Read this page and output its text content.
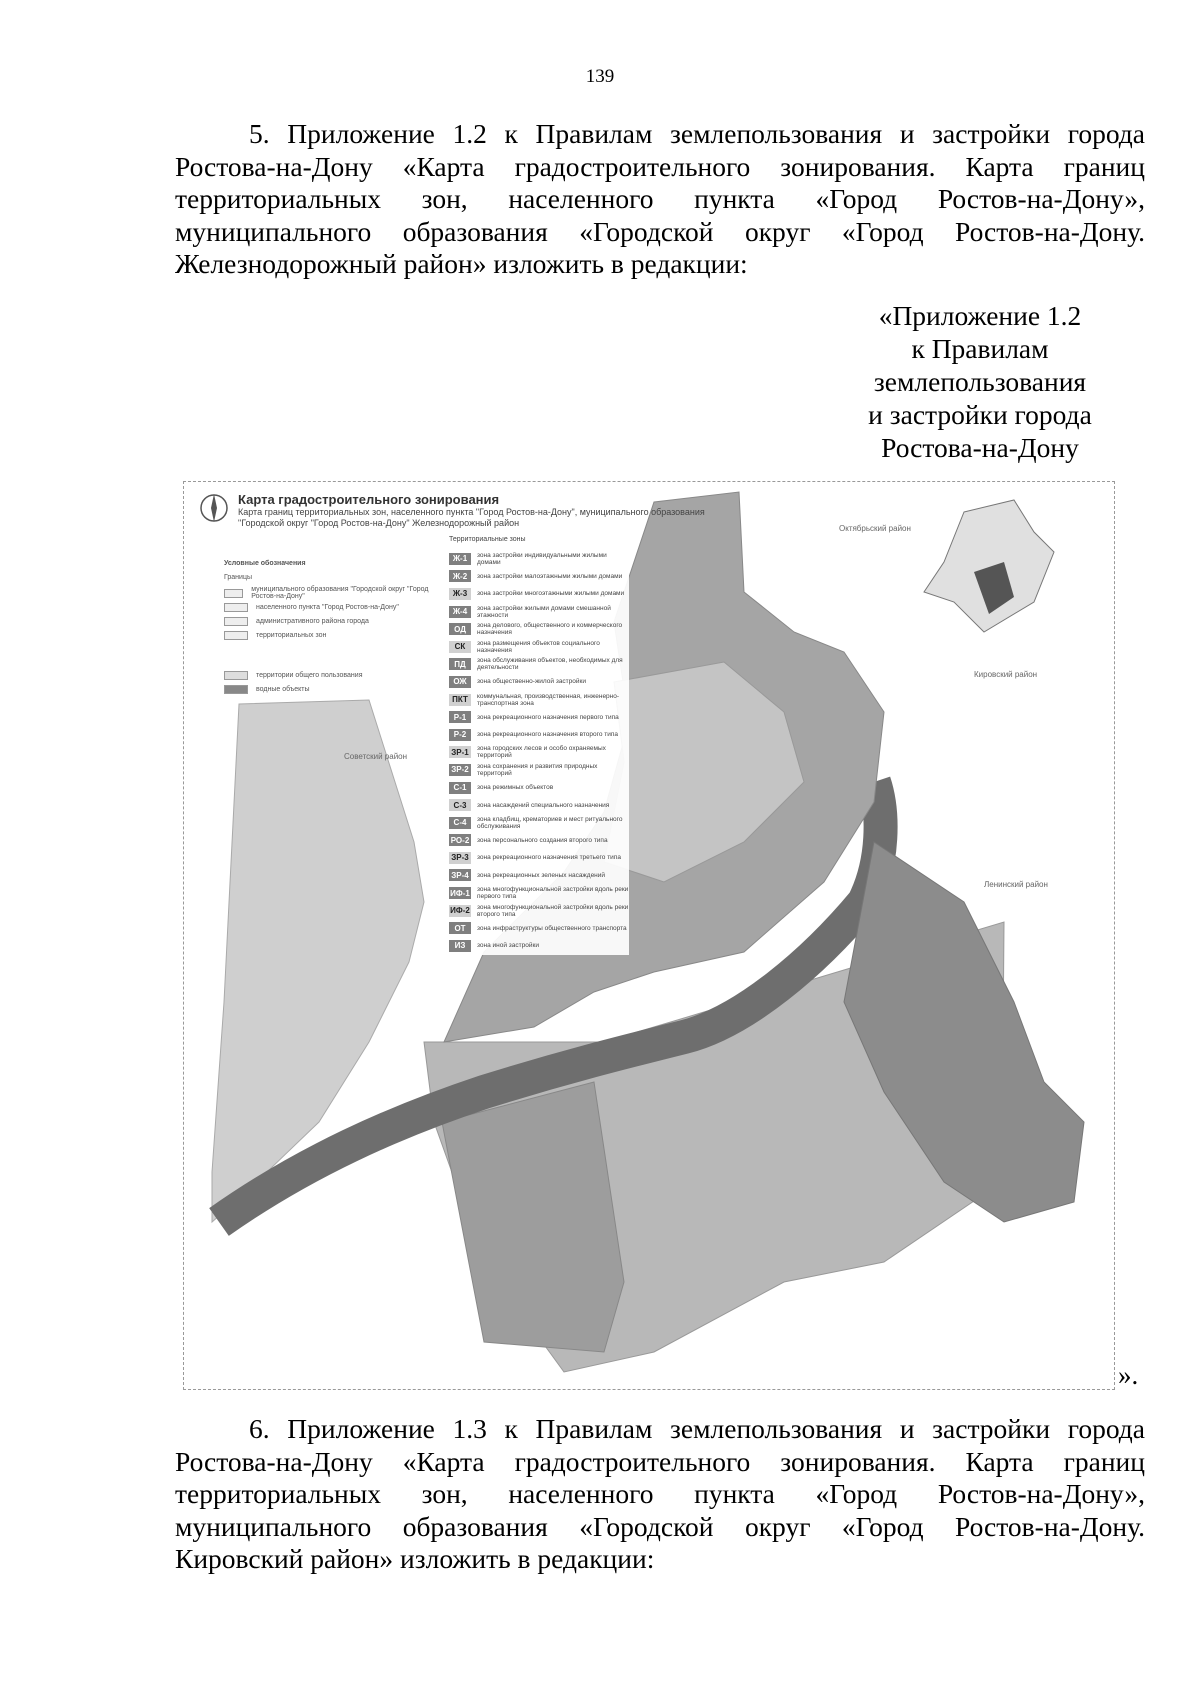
139
5. Приложение 1.2 к Правилам землепользования и застройки города
Ростова-на-Дону «Карта градостроительного зонирования. Карта границ
территориальных зон, населенного пункта «Город Ростов-на-Дону»,
муниципального образования «Городской округ «Город Ростов-на-Дону.
Железнодорожный район» изложить в редакции:
«Приложение 1.2
к Правилам
землепользования
и застройки города
Ростова-на-Дону
Карта градостроительного зонирования
Карта границ территориальных зон, населенного пункта "Город Ростов-на-Дону", муниципального образования "Городской округ "Город Ростов-на-Дону" Железнодорожный район
Условные обозначения
Границы
муниципального образования "Городской округ "Город Ростов-на-Дону"
населенного пункта "Город Ростов-на-Дону"
административного района города
территориальных зон
территории общего пользования
водные объекты
Территориальные зоны
Ж-1	зона застройки индивидуальными жилыми домами
Ж-2	зона застройки малоэтажными жилыми домами
Ж-3	зона застройки многоэтажными жилыми домами
Ж-4	зона застройки жилыми домами смешанной этажности
ОД	зона делового, общественного и коммерческого назначения
СК	зона размещения объектов социального назначения
ПД	зона обслуживания объектов, необходимых для деятельности
ОЖ	зона общественно-жилой застройки
ПКТ	коммунальная, производственная, инженерно-транспортная зона
Р-1	зона рекреационного назначения первого типа
Р-2	зона рекреационного назначения второго типа
ЗР-1	зона городских лесов и особо охраняемых территорий
ЗР-2	зона сохранения и развития природных территорий
С-1	зона режимных объектов
С-3	зона насаждений специального назначения
С-4	зона кладбищ, крематориев и мест ритуального обслуживания
РО-2 зона персонального создания второго типа
ЗР-3	зона рекреационного назначения третьего типа
ЗР-4	зона рекреационных зеленых насаждений
ИФ-1 зона многофункциональной застройки вдоль реки первого типа
ИФ-2 зона многофункциональной застройки вдоль реки второго типа
ОТ	зона инфраструктуры общественного транспорта
ИЗ	зона иной застройки
Октябрьский район
Советский район
Кировский район
Ленинский район
».
6. Приложение 1.3 к Правилам землепользования и застройки города
Ростова-на-Дону «Карта градостроительного зонирования. Карта границ
территориальных зон, населенного пункта «Город Ростов-на-Дону»,
муниципального образования «Городской округ «Город Ростов-на-Дону.
Кировский район» изложить в редакции:
